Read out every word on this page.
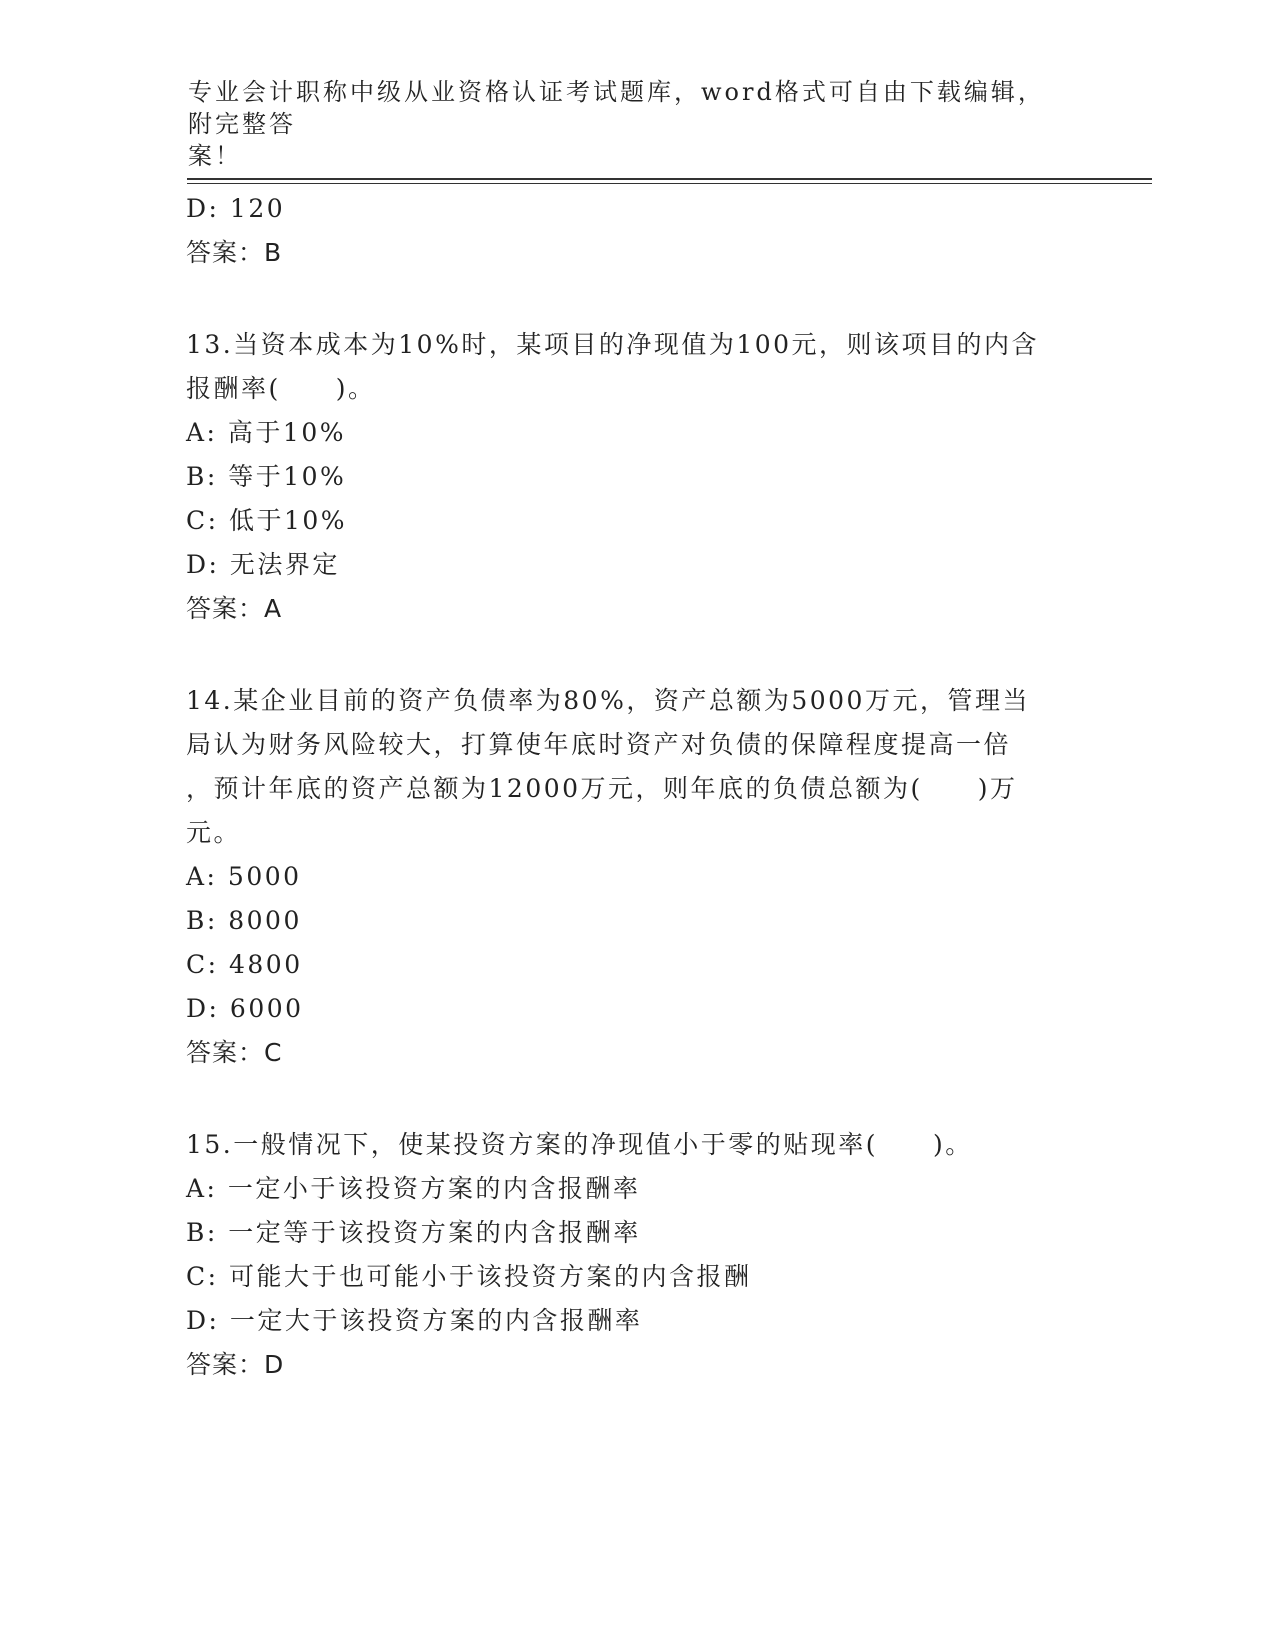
专业会计职称中级从业资格认证考试题库，word格式可自由下载编辑，附完整答
案！
D: 120
答案：B
13.当资本成本为10%时，某项目的净现值为100元，则该项目的内含
报酬率(　　)。
A: 高于10%
B: 等于10%
C: 低于10%
D: 无法界定
答案：A
14.某企业目前的资产负债率为80%，资产总额为5000万元，管理当
局认为财务风险较大，打算使年底时资产对负债的保障程度提高一倍
，预计年底的资产总额为12000万元，则年底的负债总额为(　　)万
元。
A: 5000
B: 8000
C: 4800
D: 6000
答案：C
15.一般情况下，使某投资方案的净现值小于零的贴现率(　　)。
A: 一定小于该投资方案的内含报酬率
B: 一定等于该投资方案的内含报酬率
C: 可能大于也可能小于该投资方案的内含报酬
D: 一定大于该投资方案的内含报酬率
答案：D
